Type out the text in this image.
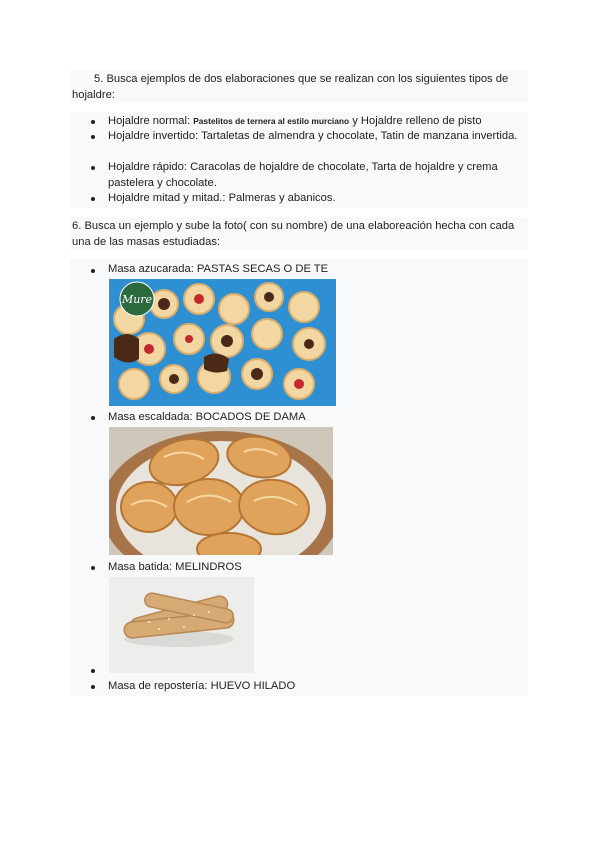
5. Busca ejemplos de dos elaboraciones que se realizan con los siguientes tipos de hojaldre:
Hojaldre normal: Pastelitos de ternera al estilo murciano y Hojaldre relleno de pisto
Hojaldre invertido: Tartaletas de almendra y chocolate, Tatin de manzana invertida.
Hojaldre rápido: Caracolas de hojaldre de chocolate, Tarta de hojaldre y crema pastelera y chocolate.
Hojaldre mitad y mitad.: Palmeras y abanicos.
6. Busca un ejemplo y sube la foto( con su nombre) de una elaboreación hecha con cada una de las masas estudiadas:
Masa azucarada: PASTAS SECAS O DE TE
Mure
Masa escaldada: BOCADOS DE DAMA
Masa batida: MELINDROS
Masa de repostería: HUEVO HILADO
